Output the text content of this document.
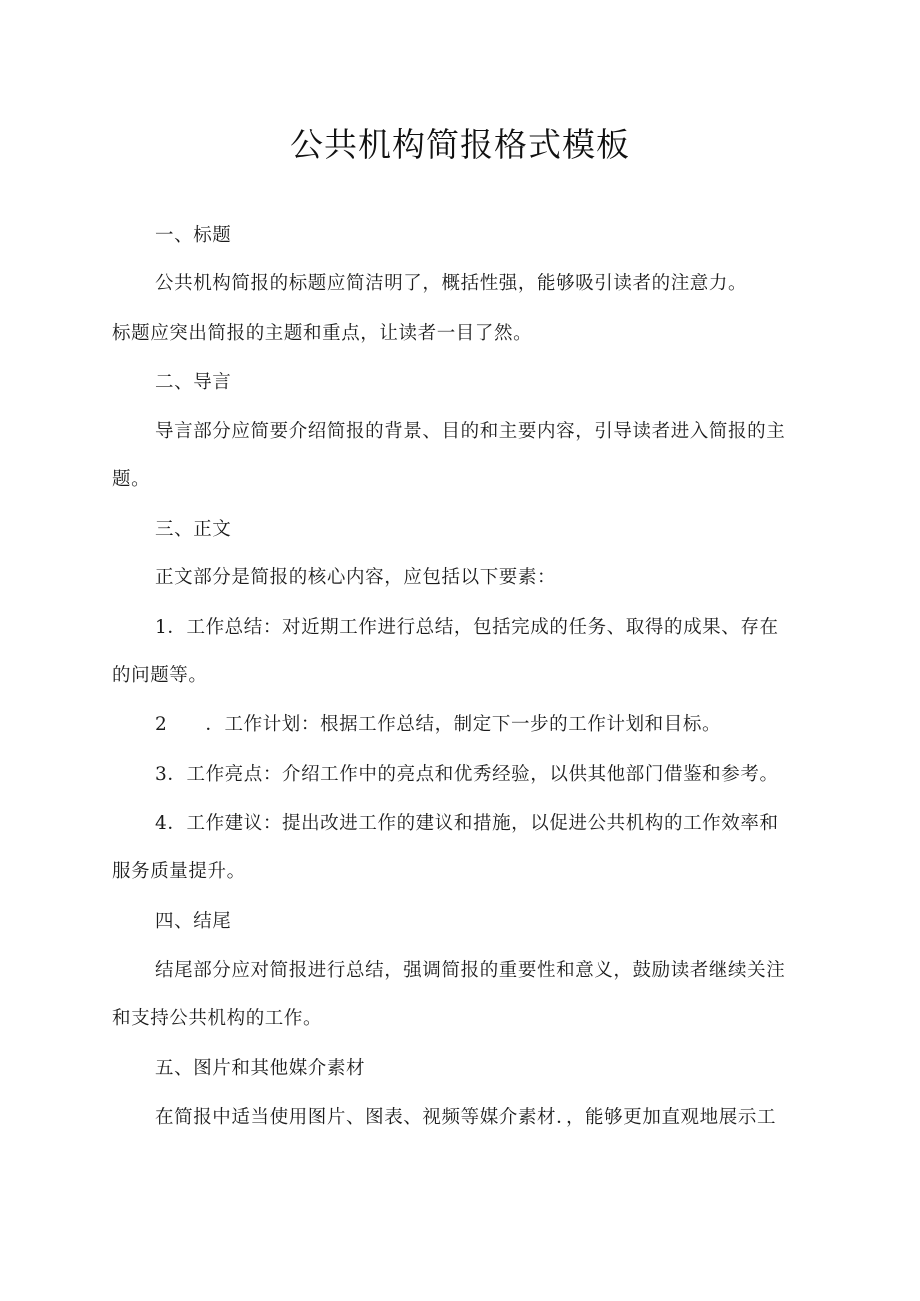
公共机构简报格式模板
一、标题
公共机构简报的标题应简洁明了，概括性强，能够吸引读者的注意力。
标题应突出简报的主题和重点，让读者一目了然。
二、导言
导言部分应简要介绍简报的背景、目的和主要内容，引导读者进入简报的主
题。
三、正文
正文部分是简报的核心内容，应包括以下要素：
1．工作总结：对近期工作进行总结，包括完成的任务、取得的成果、存在
的问题等。
2 ．工作计划：根据工作总结，制定下一步的工作计划和目标。
3．工作亮点：介绍工作中的亮点和优秀经验，以供其他部门借鉴和参考。
4．工作建议：提出改进工作的建议和措施，以促进公共机构的工作效率和
服务质量提升。
四、结尾
结尾部分应对简报进行总结，强调简报的重要性和意义，鼓励读者继续关注
和支持公共机构的工作。
五、图片和其他媒介素材
在简报中适当使用图片、图表、视频等媒介素材．，能够更加直观地展示工
